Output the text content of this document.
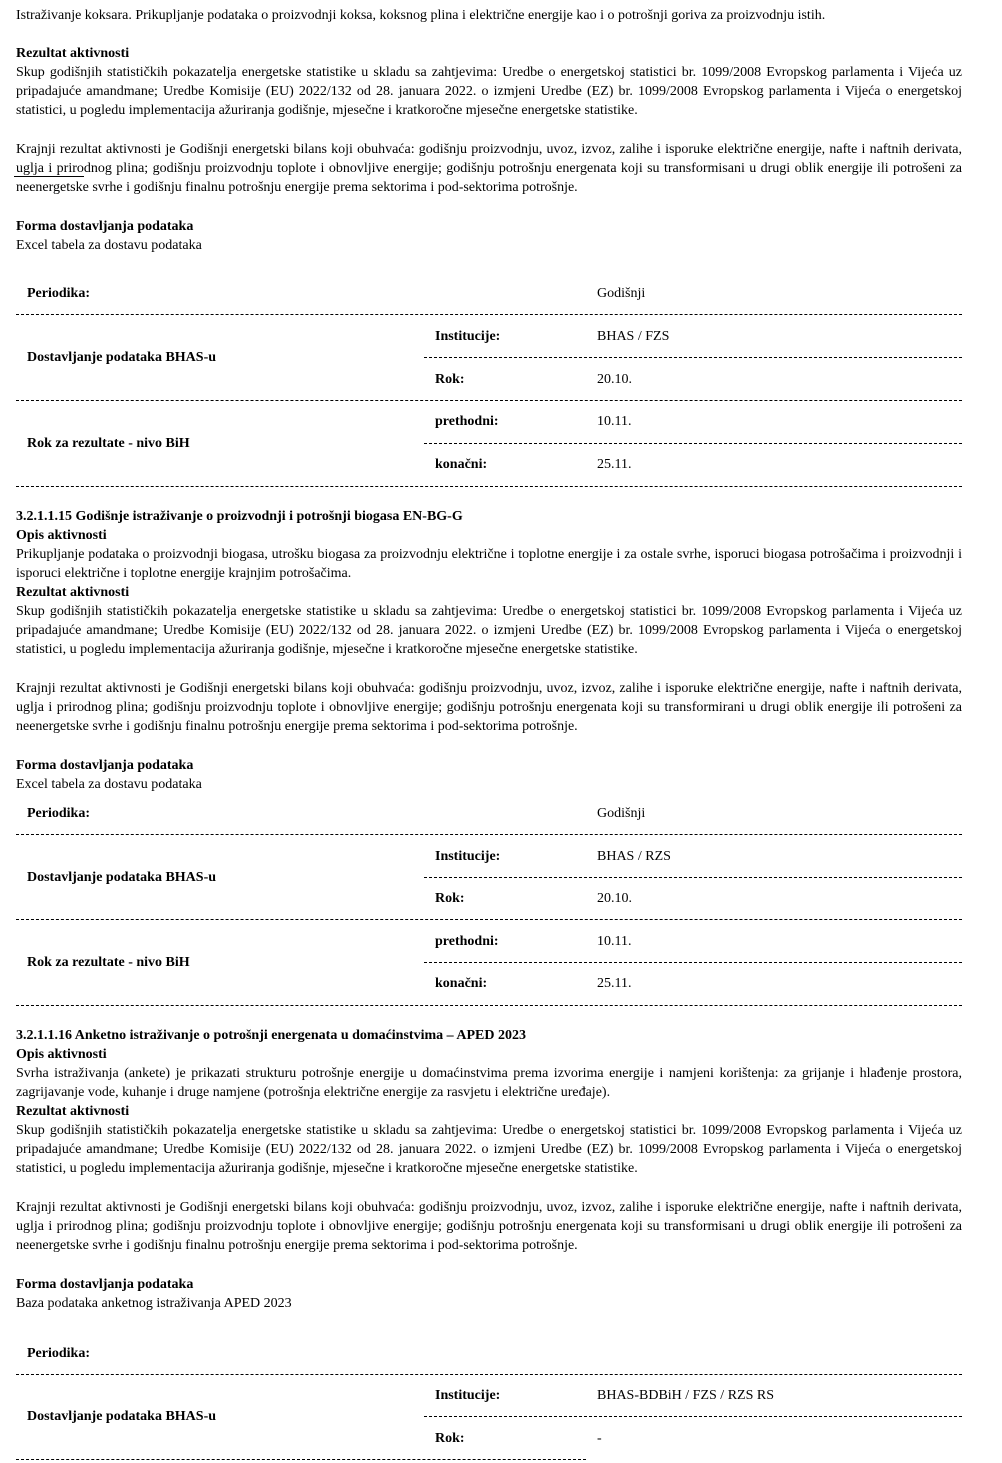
Istraživanje koksara. Prikupljanje podataka o proizvodnji koksa, koksnog plina i električne energije kao i o potrošnji goriva za proizvodnju istih.

Rezultat aktivnosti

Skup godišnjih statističkih pokazatelja energetske statistike u skladu sa zahtjevima: Uredbe o energetskoj statistici br. 1099/2008 Evropskog parlamenta i Vijeća uz pripadajuće amandmane; Uredbe Komisije (EU) 2022/132 od 28. januara 2022. o izmjeni Uredbe (EZ) br. 1099/2008 Evropskog parlamenta i Vijeća o energetskoj statistici, u pogledu implementacija ažuriranja godišnje, mjesečne i kratkoročne mjesečne energetske statistike.

Krajnji rezultat aktivnosti je Godišnji energetski bilans koji obuhvaća: godišnju proizvodnju, uvoz, izvoz, zalihe i isporuke električne energije, nafte i naftnih derivata, uglja i prirodnog plina; godišnju proizvodnju toplote i obnovljive energije; godišnju potrošnju energenata koji su transformisani u drugi oblik energije ili potrošeni za neenergetske svrhe i godišnju finalnu potrošnju energije prema sektorima i pod-sektorima potrošnje.

Forma dostavljanja podataka

Excel tabela za dostavu podataka

Periodika:	Godišnji
Institucije:	BHAS / FZS
Dostavljanje podataka BHAS-u
Rok:	20.10.
prethodni:	10.11.
Rok za rezultate - nivo BiH
konačni:	25.11.

3.2.1.1.15 Godišnje istraživanje o proizvodnji i potrošnji biogasa EN-BG-G

Opis aktivnosti

Prikupljanje podataka o proizvodnji biogasa, utrošku biogasa za proizvodnju električne i toplotne energije i za ostale svrhe, isporuci biogasa potrošačima i proizvodnji i isporuci električne i toplotne energije krajnjim potrošačima.

Rezultat aktivnosti

Skup godišnjih statističkih pokazatelja energetske statistike u skladu sa zahtjevima: Uredbe o energetskoj statistici br. 1099/2008 Evropskog parlamenta i Vijeća uz pripadajuće amandmane; Uredbe Komisije (EU) 2022/132 od 28. januara 2022. o izmjeni Uredbe (EZ) br. 1099/2008 Evropskog parlamenta i Vijeća o energetskoj statistici, u pogledu implementacija ažuriranja godišnje, mjesečne i kratkoročne mjesečne energetske statistike.

Krajnji rezultat aktivnosti je Godišnji energetski bilans koji obuhvaća: godišnju proizvodnju, uvoz, izvoz, zalihe i isporuke električne energije, nafte i naftnih derivata, uglja i prirodnog plina; godišnju proizvodnju toplote i obnovljive energije; godišnju potrošnju energenata koji su transformirani u drugi oblik energije ili potrošeni za neenergetske svrhe i godišnju finalnu potrošnju energije prema sektorima i pod-sektorima potrošnje.

Forma dostavljanja podataka

Excel tabela za dostavu podataka

Periodika:	Godišnji
Institucije:	BHAS / RZS
Dostavljanje podataka BHAS-u
Rok:	20.10.
prethodni:	10.11.
Rok za rezultate - nivo BiH
konačni:	25.11.

3.2.1.1.16 Anketno istraživanje o potrošnji energenata u domaćinstvima – APED 2023

Opis aktivnosti

Svrha istraživanja (ankete) je prikazati strukturu potrošnje energije u domaćinstvima prema izvorima energije i namjeni korištenja: za grijanje i hlađenje prostora, zagrijavanje vode, kuhanje i druge namjene (potrošnja električne energije za rasvjetu i električne uređaje).

Rezultat aktivnosti

Skup godišnjih statističkih pokazatelja energetske statistike u skladu sa zahtjevima: Uredbe o energetskoj statistici br. 1099/2008 Evropskog parlamenta i Vijeća uz pripadajuće amandmane; Uredbe Komisije (EU) 2022/132 od 28. januara 2022. o izmjeni Uredbe (EZ) br. 1099/2008 Evropskog parlamenta i Vijeća o energetskoj statistici, u pogledu implementacija ažuriranja godišnje, mjesečne i kratkoročne mjesečne energetske statistike.

Krajnji rezultat aktivnosti je Godišnji energetski bilans koji obuhvaća: godišnju proizvodnju, uvoz, izvoz, zalihe i isporuke električne energije, nafte i naftnih derivata, uglja i prirodnog plina; godišnju proizvodnju toplote i obnovljive energije; godišnju potrošnju energenata koji su transformisani u drugi oblik energije ili potrošeni za neenergetske svrhe i godišnju finalnu potrošnju energije prema sektorima i pod-sektorima potrošnje.

Forma dostavljanja podataka

Baza podataka anketnog istraživanja APED 2023

Periodika:
Institucije:	BHAS-BDBiH / FZS / RZS RS
Dostavljanje podataka BHAS-u
Rok:	-
